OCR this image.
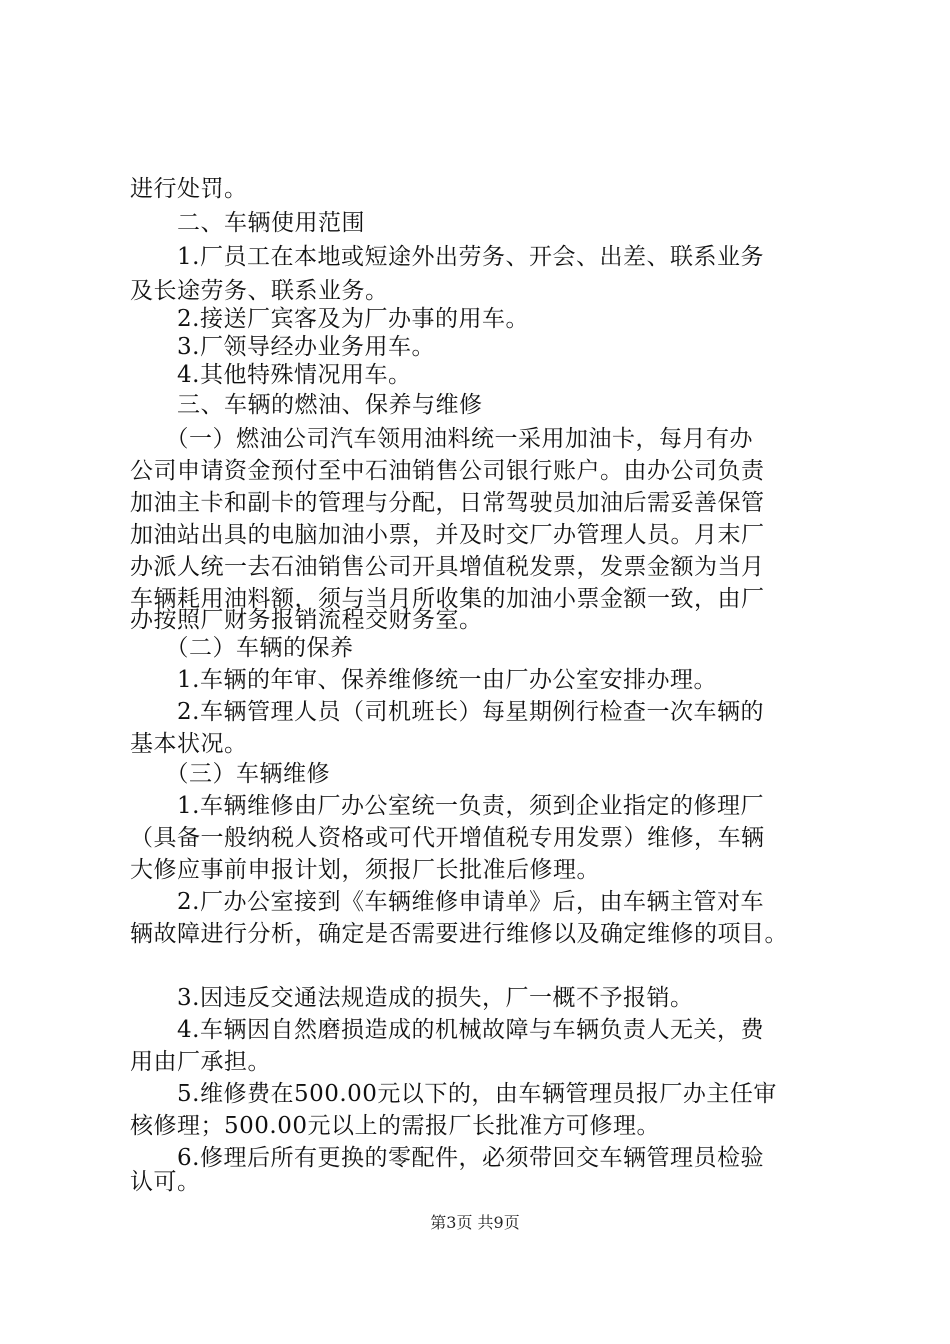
进行处罚。
　　二、车辆使用范围
　　1.厂员工在本地或短途外出劳务、开会、出差、联系业务
及长途劳务、联系业务。
　　2.接送厂宾客及为厂办事的用车。
　　3.厂领导经办业务用车。
　　4.其他特殊情况用车。
　　三、车辆的燃油、保养与维修
　　（一）燃油公司汽车领用油料统一采用加油卡，每月有办
公司申请资金预付至中石油销售公司银行账户。由办公司负责
加油主卡和副卡的管理与分配，日常驾驶员加油后需妥善保管
加油站出具的电脑加油小票，并及时交厂办管理人员。月末厂
办派人统一去石油销售公司开具增值税发票，发票金额为当月
车辆耗用油料额，须与当月所收集的加油小票金额一致，由厂
办按照厂财务报销流程交财务室。
　　（二）车辆的保养
　　1.车辆的年审、保养维修统一由厂办公室安排办理。
　　2.车辆管理人员（司机班长）每星期例行检查一次车辆的
基本状况。
　　（三）车辆维修
　　1.车辆维修由厂办公室统一负责，须到企业指定的修理厂
（具备一般纳税人资格或可代开增值税专用发票）维修，车辆
大修应事前申报计划，须报厂长批准后修理。
　　2.厂办公室接到《车辆维修申请单》后，由车辆主管对车
辆故障进行分析，确定是否需要进行维修以及确定维修的项目。
　　3.因违反交通法规造成的损失，厂一概不予报销。
　　4.车辆因自然磨损造成的机械故障与车辆负责人无关，费
用由厂承担。
　　5.维修费在500.00元以下的，由车辆管理员报厂办主任审
核修理；500.00元以上的需报厂长批准方可修理。
　　6.修理后所有更换的零配件，必须带回交车辆管理员检验
认可。
第3页 共9页
